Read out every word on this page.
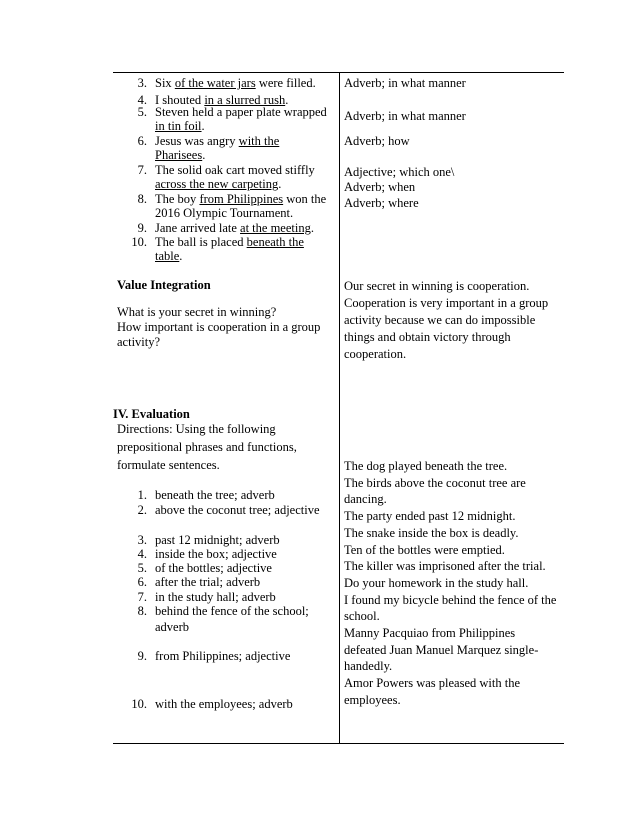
3. Six of the water jars were filled.
4. I shouted in a slurred rush.
5. Steven held a paper plate wrapped
in tin foil.
6. Jesus was angry with the
Pharisees.
7. The solid oak cart moved stiffly
across the new carpeting.
8. The boy from Philippines won the
2016 Olympic Tournament.
9. Jane arrived late at the meeting.
10. The ball is placed beneath the
table.
Value Integration
What is your secret in winning?
How important is cooperation in a group
activity?
IV. Evaluation
Directions: Using the following
prepositional phrases and functions,
formulate sentences.
1. beneath the tree; adverb
2. above the coconut tree; adjective
3. past 12 midnight; adverb
4. inside the box; adjective
5. of the bottles; adjective
6. after the trial; adverb
7. in the study hall; adverb
8. behind the fence of the school;
adverb
9. from Philippines; adjective
10. with the employees; adverb
Adverb; in what manner
Adverb; in what manner
Adverb; how
Adjective; which one\
Adverb; when
Adverb; where
Our secret in winning is cooperation.
Cooperation is very important in a group
activity because we can do impossible
things and obtain victory through
cooperation.
The dog played beneath the tree.
The birds above the coconut tree are
dancing.
The party ended past 12 midnight.
The snake inside the box is deadly.
Ten of the bottles were emptied.
The killer was imprisoned after the trial.
Do your homework in the study hall.
I found my bicycle behind the fence of the
school.
Manny Pacquiao from Philippines
defeated Juan Manuel Marquez single-
handedly.
Amor Powers was pleased with the
employees.
